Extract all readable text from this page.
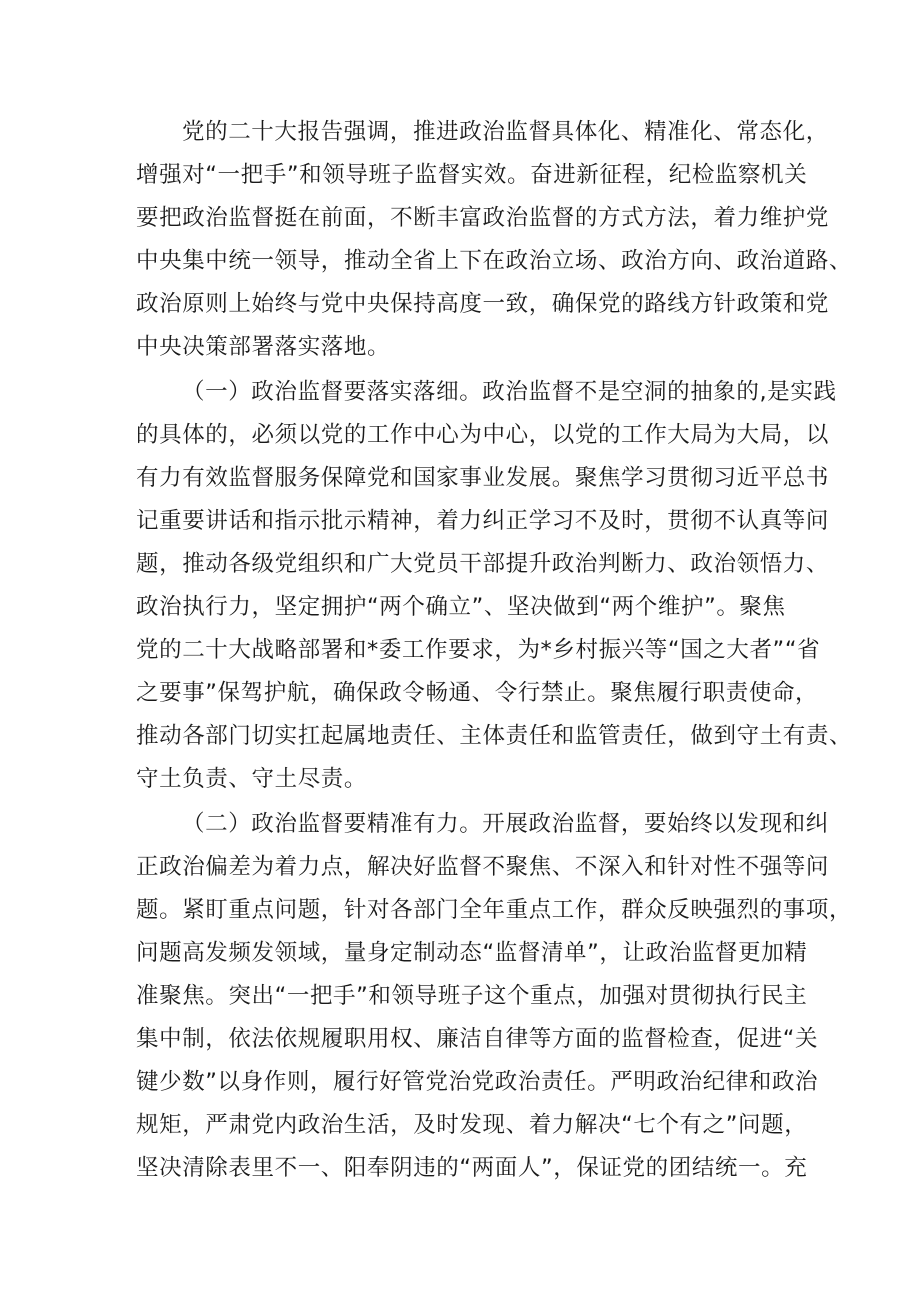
党的二十大报告强调，推进政治监督具体化、精准化、常态化，
增强对“一把手”和领导班子监督实效。奋进新征程，纪检监察机关
要把政治监督挺在前面，不断丰富政治监督的方式方法，着力维护党
中央集中统一领导，推动全省上下在政治立场、政治方向、政治道路、
政治原则上始终与党中央保持高度一致，确保党的路线方针政策和党
中央决策部署落实落地。
（一）政治监督要落实落细。政治监督不是空洞的抽象的,是实践
的具体的，必须以党的工作中心为中心，以党的工作大局为大局，以
有力有效监督服务保障党和国家事业发展。聚焦学习贯彻习近平总书
记重要讲话和指示批示精神，着力纠正学习不及时，贯彻不认真等问
题，推动各级党组织和广大党员干部提升政治判断力、政治领悟力、
政治执行力，坚定拥护“两个确立”、坚决做到“两个维护”。聚焦
党的二十大战略部署和*委工作要求，为*乡村振兴等“国之大者”“省
之要事”保驾护航，确保政令畅通、令行禁止。聚焦履行职责使命，
推动各部门切实扛起属地责任、主体责任和监管责任，做到守土有责、
守土负责、守土尽责。
（二）政治监督要精准有力。开展政治监督，要始终以发现和纠
正政治偏差为着力点，解决好监督不聚焦、不深入和针对性不强等问
题。紧盯重点问题，针对各部门全年重点工作，群众反映强烈的事项，
问题高发频发领域，量身定制动态“监督清单”，让政治监督更加精
准聚焦。突出“一把手”和领导班子这个重点，加强对贯彻执行民主
集中制，依法依规履职用权、廉洁自律等方面的监督检查，促进“关
键少数”以身作则，履行好管党治党政治责任。严明政治纪律和政治
规矩，严肃党内政治生活，及时发现、着力解决“七个有之”问题，
坚决清除表里不一、阳奉阴违的“两面人”，保证党的团结统一。充
